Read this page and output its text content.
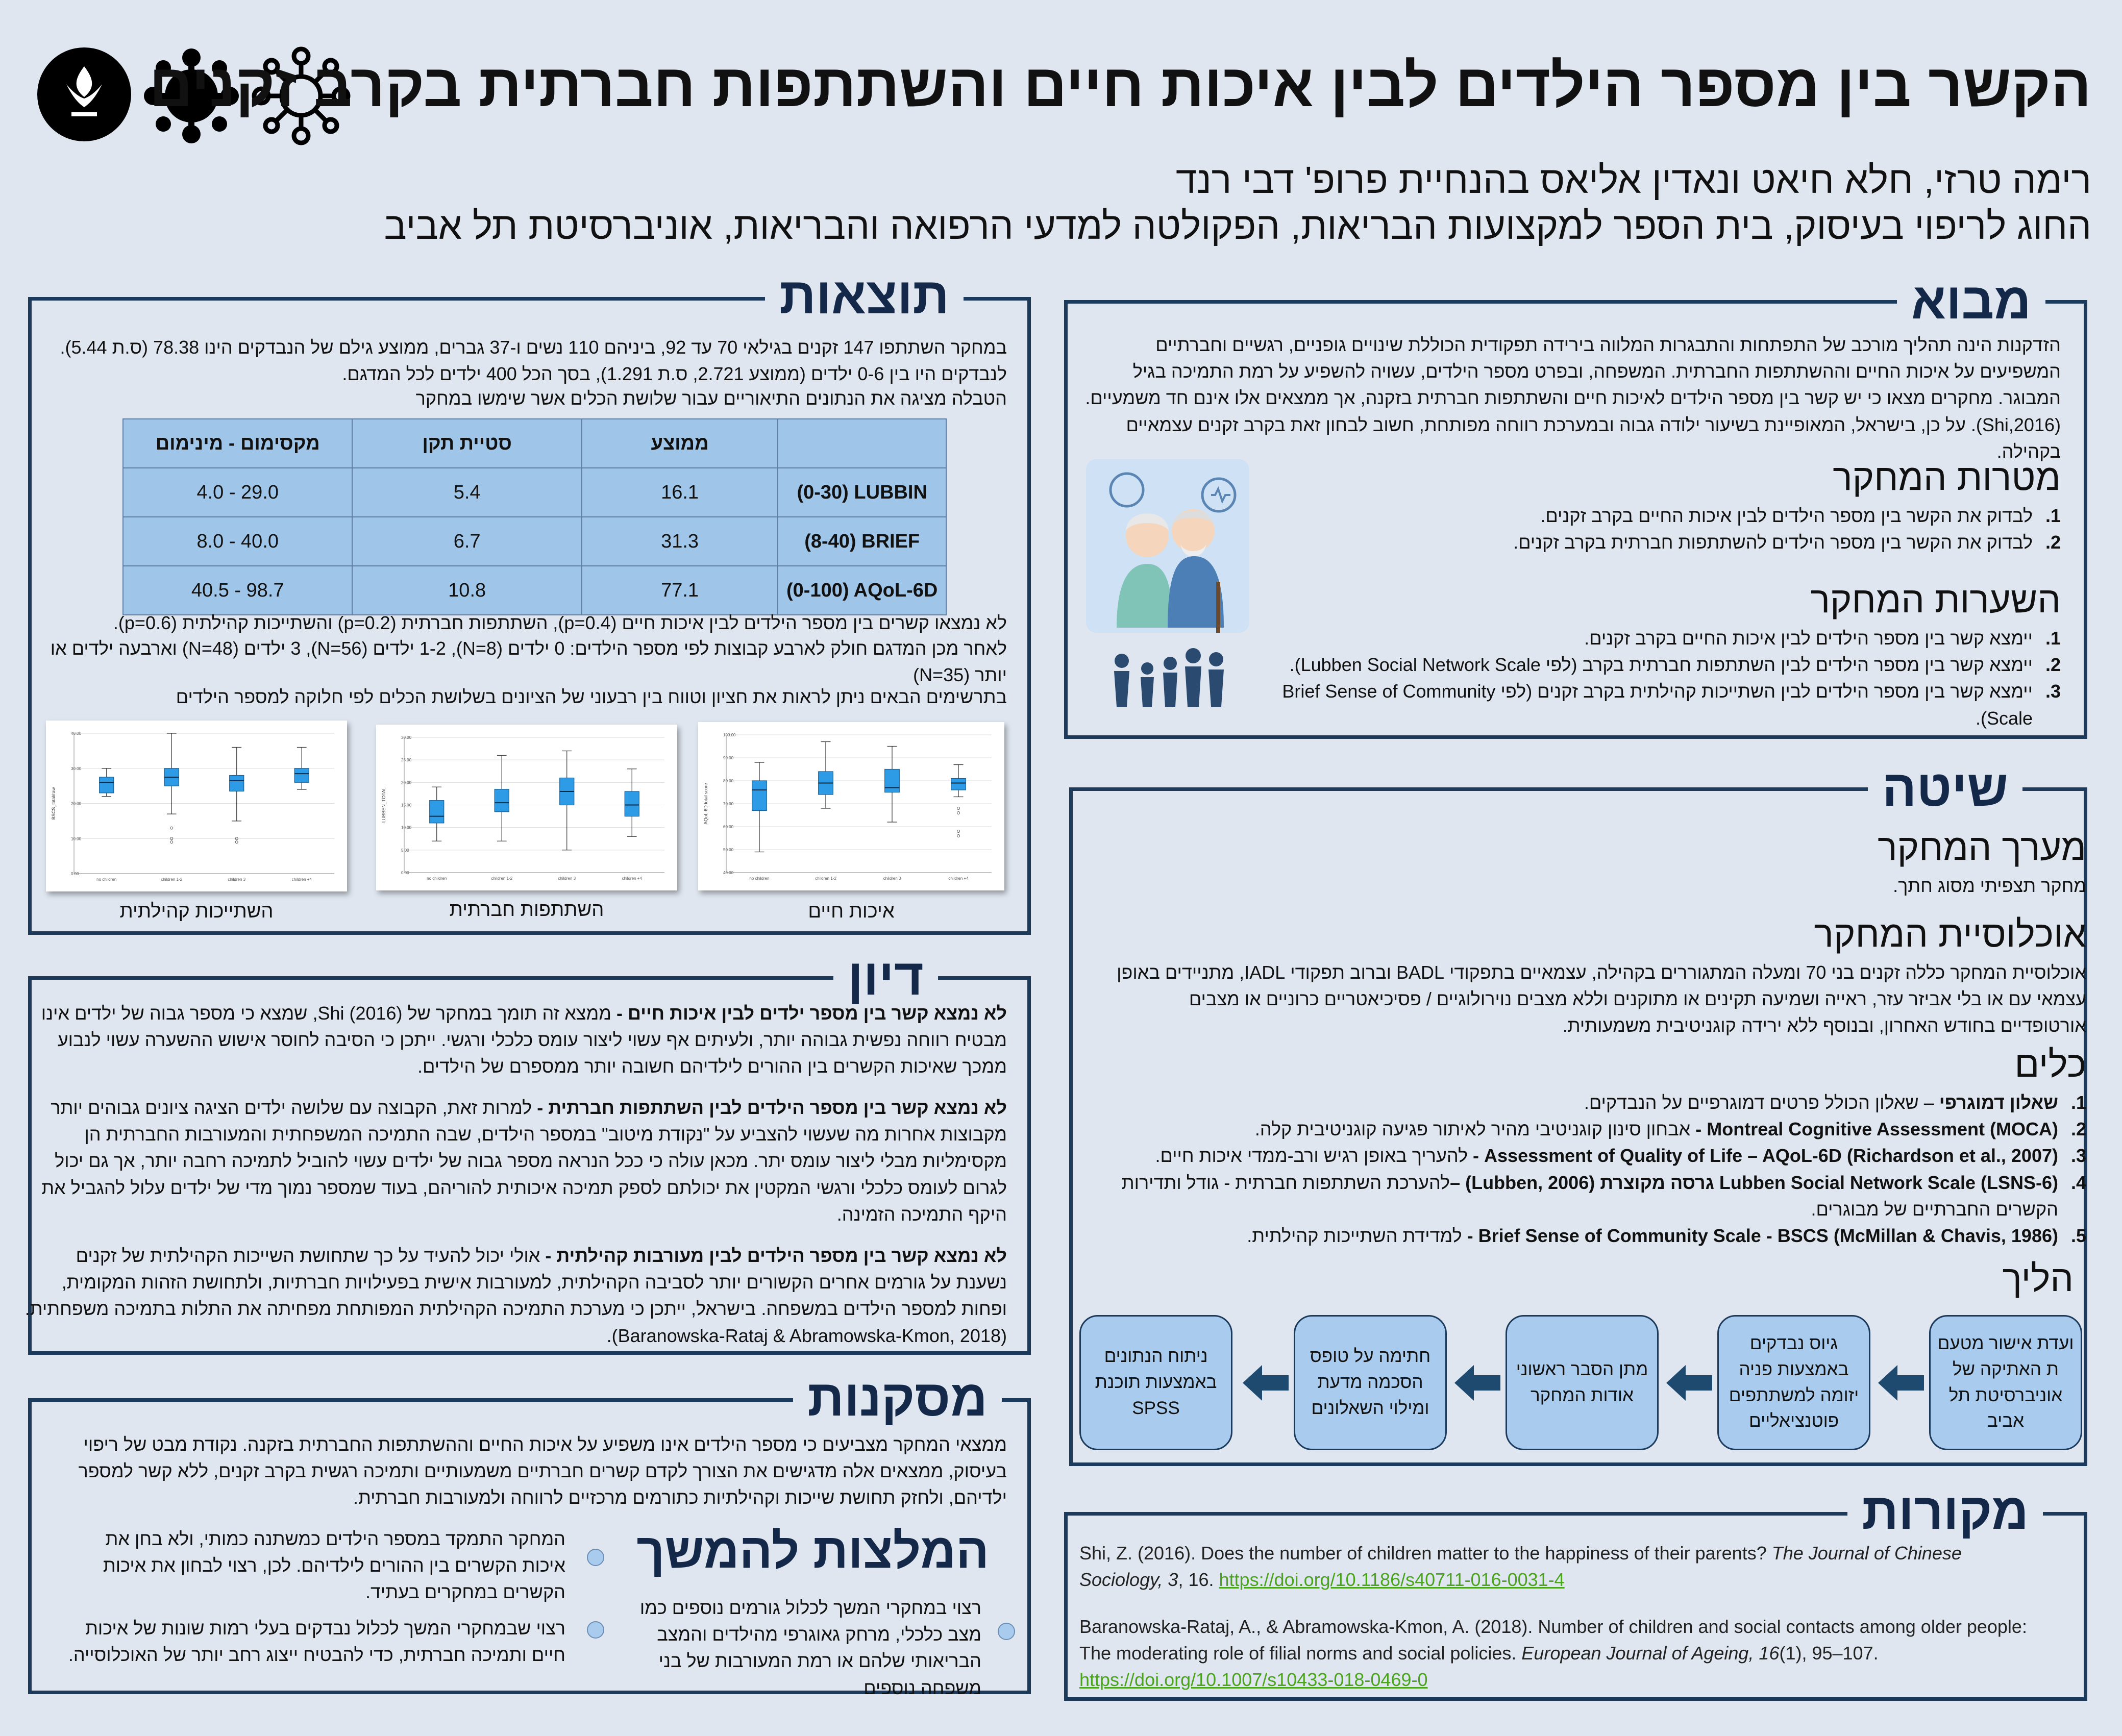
הקשר בין מספר הילדים לבין איכות חיים והשתתפות חברתית בקרב זקנים
רימה טרזי, חלא חיאט ונאדין אליאס בהנחיית פרופ' דבי רנד
החוג לריפוי בעיסוק, בית הספר למקצועות הבריאות, הפקולטה למדעי הרפואה והבריאות, אוניברסיטת תל אביב
מבוא
הזדקנות הינה תהליך מורכב של התפתחות והתבגרות המלווה בירידה תפקודית הכוללת שינויים גופניים, רגשיים וחברתיים המשפיעים על איכות החיים וההשתתפות החברתית. המשפחה, ובפרט מספר הילדים, עשויה להשפיע על רמת התמיכה בגיל המבוגר. מחקרים מצאו כי יש קשר בין מספר הילדים לאיכות חיים והשתתפות חברתית בזקנה, אך ממצאים אלו אינם חד משמעיים. (Shi,2016). על כן, בישראל, המאופיינת בשיעור ילודה גבוה ובמערכת רווחה מפותחת, חשוב לבחון זאת בקרב זקנים עצמאיים בקהילה.
מטרות המחקר
1.
לבדוק את הקשר בין מספר הילדים לבין איכות החיים בקרב זקנים.
2.
לבדוק את הקשר בין מספר הילדים להשתתפות חברתית בקרב זקנים.
השערות המחקר
1.
יימצא קשר בין מספר הילדים לבין איכות החיים בקרב זקנים.
2.
יימצא קשר בין מספר הילדים לבין השתתפות חברתית בקרב (לפי Lubben Social Network Scale).
3.
יימצא קשר בין מספר הילדים לבין השתייכות קהילתית בקרב זקנים (לפי Brief Sense of Community Scale).
תוצאות
במחקר השתתפו 147 זקנים בגילאי 70 עד 92, ביניהם 110 נשים ו-37 גברים, ממוצע גילם של הנבדקים הינו 78.38 (ס.ת 5.44). לנבדקים היו בין 0-6 ילדים (ממוצע 2.721, ס.ת 1.291), בסך הכל 400 ילדים לכל המדגם.
הטבלה מציגה את הנתונים התיאוריים עבור שלושת הכלים אשר שימשו במחקר
	ממוצע	סטיית תקן	מקסימום - מינימום
(0-30) LUBBIN	16.1	5.4	4.0 - 29.0
(8-40) BRIEF	31.3	6.7	8.0 - 40.0
(0-100) AQoL-6D	77.1	10.8	40.5 - 98.7
לא נמצאו קשרים בין מספר הילדים לבין איכות חיים (p=0.4), השתתפות חברתית (p=0.2) והשתייכות קהילתית (p=0.6).
לאחר מכן המדגם חולק לארבע קבוצות לפי מספר הילדים: 0 ילדים (N=8), 1-2 ילדים (N=56), 3 ילדים (N=48) וארבעה ילדים או יותר (N=35)
בתרשימים הבאים ניתן לראות את חציון וטווח בין רבעוני של הציונים בשלושת הכלים לפי חלוקה למספר הילדים
0.00
10.00
20.00
30.00
40.00
BSCS_total/raw
no children	1-2 children	3 children	4+ children
0.00
5.00
10.00
15.00
20.00
25.00
30.00
LUBBEN_TOTAL
no children	1-2 children	3 children	4+ children
40.00
50.00
60.00
70.00
80.00
90.00
100.00
AQoL-6D total score
no children	1-2 children	3 children	4+ children
השתייכות קהילתית	השתתפות חברתית	איכות חיים
דיון
לא נמצא קשר בין מספר ילדים לבין איכות חיים - ממצא זה תומך במחקר של Shi (2016), שמצא כי מספר גבוה של ילדים אינו מבטיח רווחה נפשית גבוהה יותר, ולעיתים אף עשוי ליצור עומס כלכלי ורגשי. ייתכן כי הסיבה לחוסר אישוש ההשערה עשוי לנבוע ממכך שאיכות הקשרים בין ההורים לילדיהם חשובה יותר ממספרם של הילדים.
לא נמצא קשר בין מספר הילדים לבין השתתפות חברתית - למרות זאת, הקבוצה עם שלושה ילדים הציגה ציונים גבוהים יותר מקבוצות אחרות מה שעשוי להצביע על "נקודת מיטוב" במספר הילדים, שבה התמיכה המשפחתית והמעורבות החברתית הן מקסימליות מבלי ליצור עומס יתר. מכאן עולה כי ככל הנראה מספר גבוה של ילדים עשוי להוביל לתמיכה רחבה יותר, אך גם יכול לגרום לעומס כלכלי ורגשי המקטין את יכולתם לספק תמיכה איכותית להוריהם, בעוד שמספר נמוך מדי של ילדים עלול להגביל את היקף התמיכה הזמינה.
לא נמצא קשר בין מספר הילדים לבין מעורבות קהילתית - אולי יכול להעיד על כך שתחושת השייכות הקהילתית של זקנים נשענת על גורמים אחרים הקשורים יותר לסביבה הקהילתית, למעורבות אישית בפעילויות חברתיות, ולתחושת הזהות המקומית, ופחות למספר הילדים במשפחה. בישראל, ייתכן כי מערכת התמיכה הקהילתית המפותחת מפחיתה את התלות בתמיכה משפחתית.
(Baranowska-Rataj & Abramowska-Kmon, 2018).
מסקנות
ממצאי המחקר מצביעים כי מספר הילדים אינו משפיע על איכות החיים וההשתתפות החברתית בזקנה. נקודת מבט של ריפוי בעיסוק, ממצאים אלה מדגישים את הצורך לקדם קשרים חברתיים משמעותיים ותמיכה רגשית בקרב זקנים, ללא קשר למספר ילדיהם, ולחזק תחושת שייכות וקהילתיות כתורמים מרכזיים לרווחה ולמעורבות חברתית.
המלצות להמשך
המחקר התמקד במספר הילדים כמשתנה כמותי, ולא בחן את איכות הקשרים בין ההורים לילדיהם. לכן, רצוי לבחון את איכות הקשרים במחקרים בעתיד.
רצוי שבמחקרי המשך לכלול נבדקים בעלי רמות שונות של איכות חיים ותמיכה חברתית, כדי להבטיח ייצוג רחב יותר של האוכלוסייה.
רצוי במחקרי המשך לכלול גורמים נוספים כמו מצב כלכלי, מרחק גאוגרפי מהילדים והמצב הבריאותי שלהם או רמת המעורבות של בני משפחה נוספים
שיטה
מערך המחקר
מחקר תצפיתי מסוג חתך.
אוכלוסיית המחקר
אוכלוסיית המחקר כללה זקנים בני 70 ומעלה המתגוררים בקהילה, עצמאיים בתפקודי BADL וברוב תפקודי IADL, מתניידים באופן עצמאי עם או בלי אביזר עזר, ראייה ושמיעה תקינים או מתוקנים וללא מצבים נוירולוגיים / פסיכיאטריים כרוניים או מצבים אורטופדיים בחודש האחרון, ובנוסף ללא ירידה קוגניטיבית משמעותית.
כלים
1.
שאלון דמוגרפי – שאלון הכולל פרטים דמוגרפיים על הנבדקים.
2.
Montreal Cognitive Assessment (MOCA) - אבחון סינון קוגניטיבי מהיר לאיתור פגיעה קוגניטיבית קלה.
3.
(Richardson et al., 2007) Assessment of Quality of Life – AQoL-6D - להעריך באופן רגיש ורב-ממדי איכות חיים.
4.
Lubben Social Network Scale (LSNS-6) גרסה מקוצרת (Lubben, 2006) –להערכת השתתפות חברתית - גודל ותדירות הקשרים החברתיים של מבוגרים.
5.
(McMillan & Chavis, 1986) Brief Sense of Community Scale - BSCS - למדידת השתייכות קהילתית.
הליך
ועדת אישור מטעם ת האתיקה של אוניברסיטת תל אביב
גיוס נבדקים באמצעות פניה יזומה למשתתפים פוטנציאליים
מתן הסבר ראשוני אודות המחקר
חתימה על טופס הסכמה מדעת ומילוי השאלונים
ניתוח הנתונים באמצעות תוכנת SPSS
מקורות
Shi, Z. (2016). Does the number of children matter to the happiness of their parents? The Journal of Chinese Sociology, 3, 16. https://doi.org/10.1186/s40711-016-0031-4
Baranowska-Rataj, A., & Abramowska-Kmon, A. (2018). Number of children and social contacts among older people: The moderating role of filial norms and social policies. European Journal of Ageing, 16(1), 95–107. https://doi.org/10.1007/s10433-018-0469-0
